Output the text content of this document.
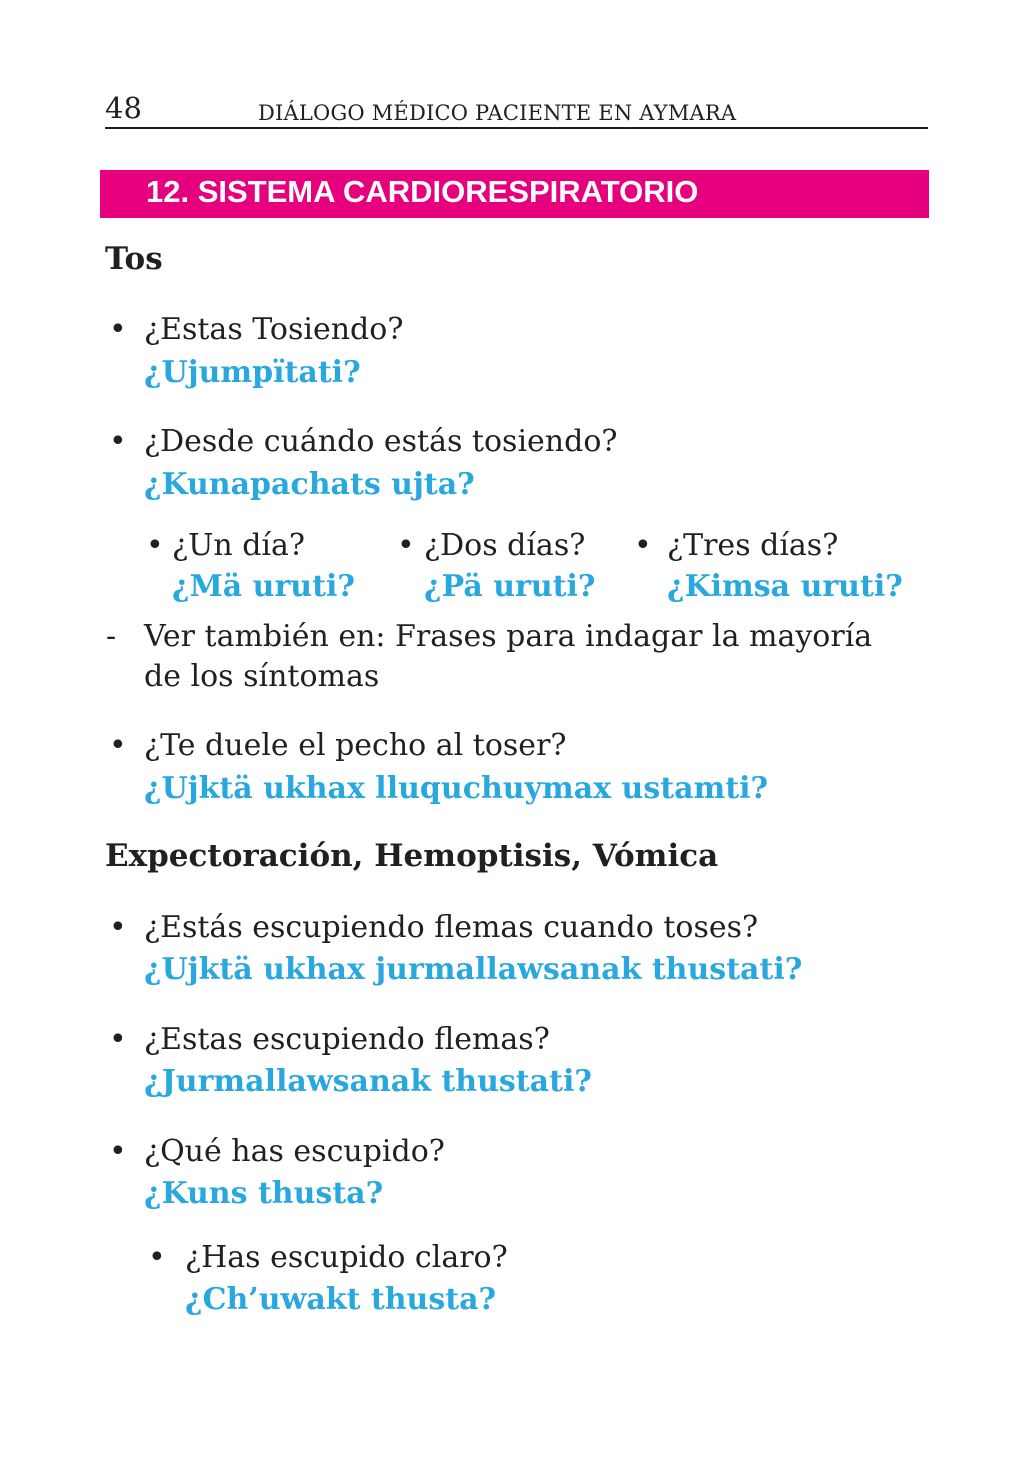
48	DIÁLOGO MÉDICO PACIENTE EN AYMARA
12. SISTEMA CARDIORESPIRATORIO
Tos
• ¿Estas Tosiendo?
¿Ujumpïtati?
• ¿Desde cuándo estás tosiendo?
¿Kunapachats ujta?
• ¿Un día?
¿Mä uruti?
• ¿Dos días?
¿Pä uruti?
• ¿Tres días?
¿Kimsa uruti?
- Ver también en: Frases para indagar la mayoría
de los síntomas
• ¿Te duele el pecho al toser?
¿Ujktä ukhax lluquchuymax ustamti?
Expectoración, Hemoptisis, Vómica
• ¿Estás escupiendo flemas cuando toses?
¿Ujktä ukhax jurmallawsanak thustati?
• ¿Estas escupiendo flemas?
¿Jurmallawsanak thustati?
• ¿Qué has escupido?
¿Kuns thusta?
• ¿Has escupido claro?
¿Ch’uwakt thusta?
